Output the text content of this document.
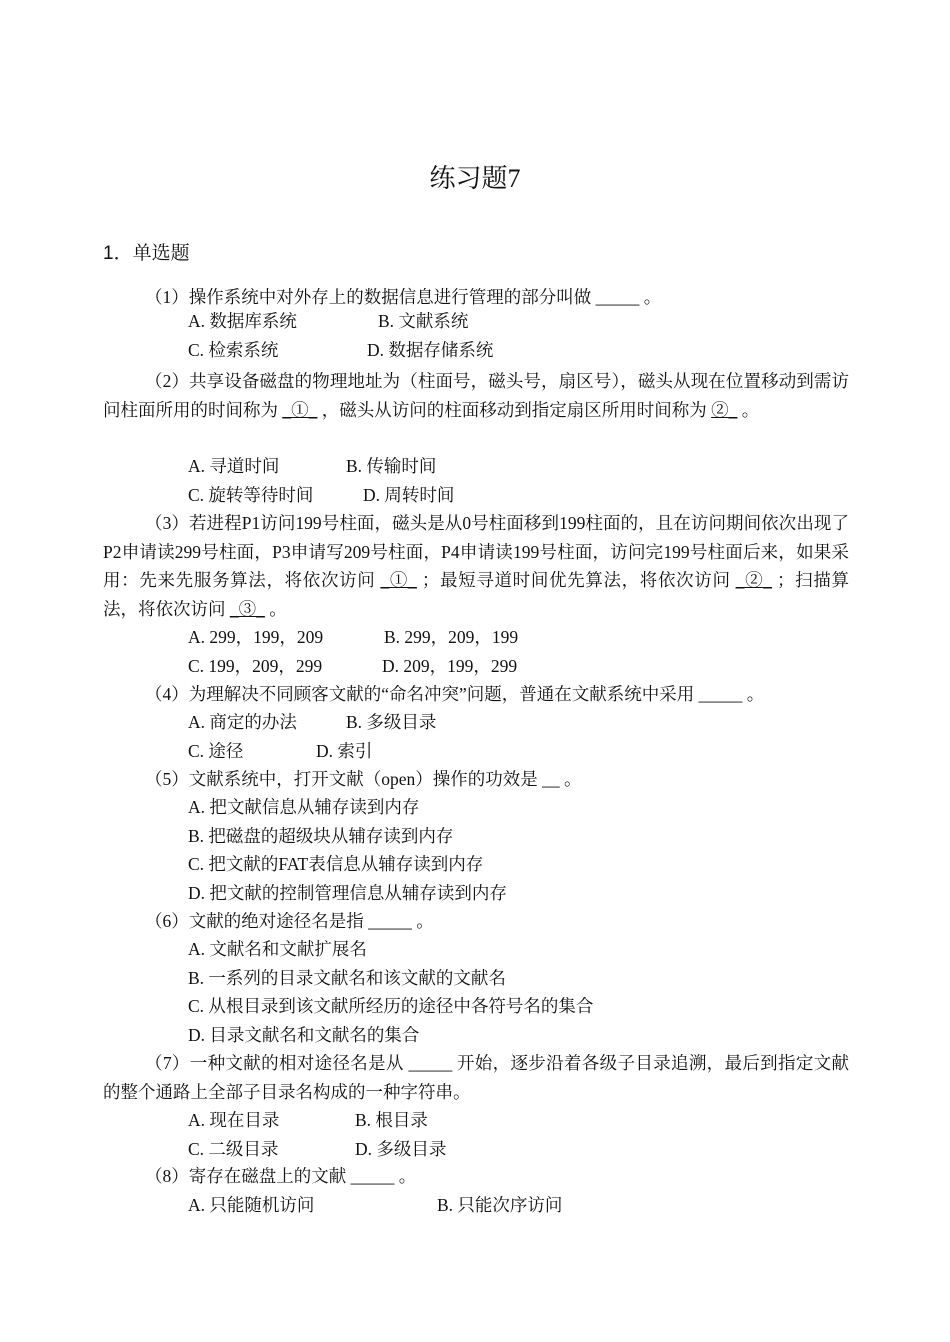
练习题7
1．单选题
（1）操作系统中对外存上的数据信息进行管理的部分叫做 _____ 。
A. 数据库系统	B. 文献系统
C. 检索系统	D. 数据存储系统
（2）共享设备磁盘的物理地址为（柱面号，磁头号，扇区号），磁头从现在位置移动到需访问柱面所用的时间称为 _①_ ，磁头从访问的柱面移动到指定扇区所用时间称为 ②_ 。
A. 寻道时间	B. 传输时间
C. 旋转等待时间	D. 周转时间
（3）若进程P1访问199号柱面，磁头是从0号柱面移到199柱面的，且在访问期间依次出现了P2申请读299号柱面，P3申请写209号柱面，P4申请读199号柱面，访问完199号柱面后来，如果采用：先来先服务算法，将依次访问 _①_ ；最短寻道时间优先算法，将依次访问 _②_ ；扫描算法，将依次访问 _③_ 。
A. 299，199，209	B. 299，209，199
C. 199，209，299	D. 209，199，299
（4）为理解决不同顾客文献的“命名冲突”问题，普通在文献系统中采用 _____ 。
A. 商定的办法	B. 多级目录
C. 途径	D. 索引
（5）文献系统中，打开文献（open）操作的功效是 __ 。
A. 把文献信息从辅存读到内存
B. 把磁盘的超级块从辅存读到内存
C. 把文献的FAT表信息从辅存读到内存
D. 把文献的控制管理信息从辅存读到内存
（6）文献的绝对途径名是指 _____ 。
A. 文献名和文献扩展名
B. 一系列的目录文献名和该文献的文献名
C. 从根目录到该文献所经历的途径中各符号名的集合
D. 目录文献名和文献名的集合
（7）一种文献的相对途径名是从 _____ 开始，逐步沿着各级子目录追溯，最后到指定文献的整个通路上全部子目录名构成的一种字符串。
A. 现在目录	B. 根目录
C. 二级目录	D. 多级目录
（8）寄存在磁盘上的文献 _____ 。
A. 只能随机访问	B. 只能次序访问
